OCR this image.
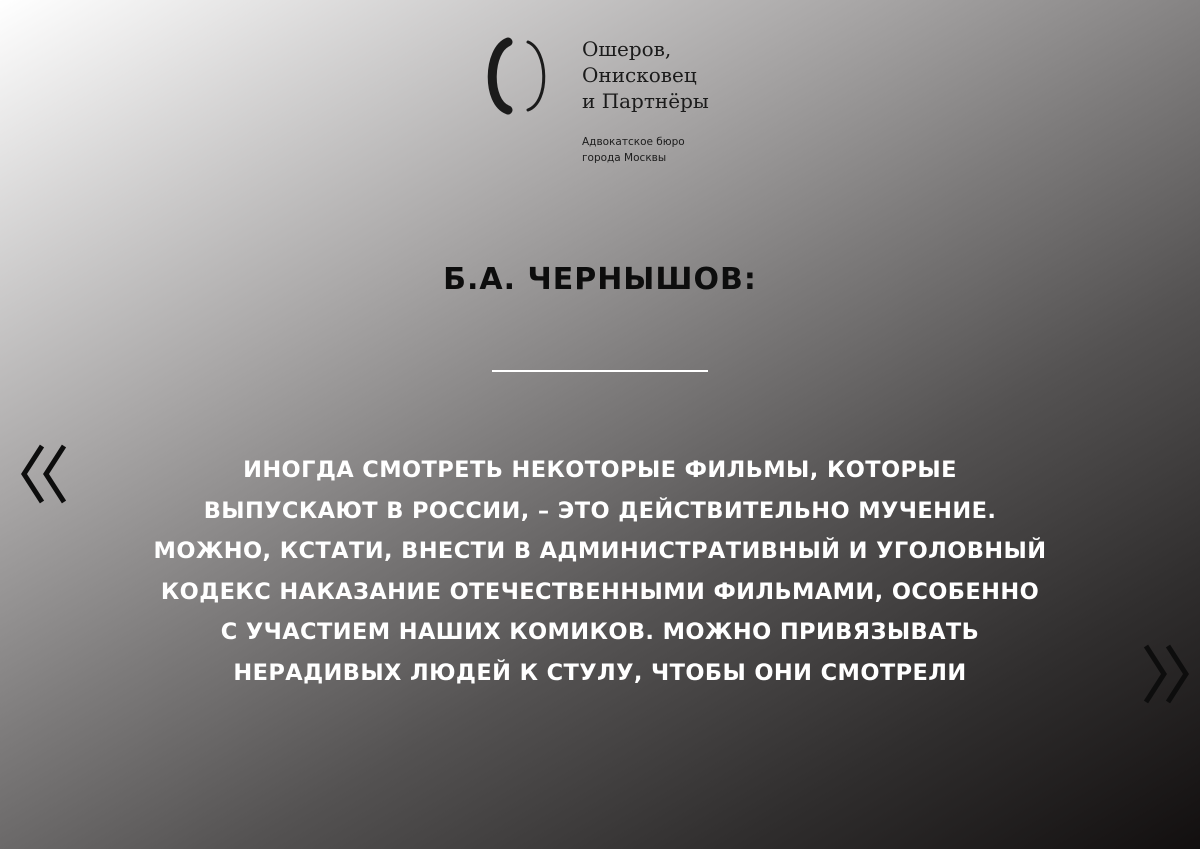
Ошеров,
Онисковец
и Партнёры
Адвокатское бюро
города Москвы
Б.А. ЧЕРНЫШОВ:
ИНОГДА СМОТРЕТЬ НЕКОТОРЫЕ ФИЛЬМЫ, КОТОРЫЕ
ВЫПУСКАЮТ В РОССИИ, – ЭТО ДЕЙСТВИТЕЛЬНО МУЧЕНИЕ.
МОЖНО, КСТАТИ, ВНЕСТИ В АДМИНИСТРАТИВНЫЙ И УГОЛОВНЫЙ
КОДЕКС НАКАЗАНИЕ ОТЕЧЕСТВЕННЫМИ ФИЛЬМАМИ, ОСОБЕННО
С УЧАСТИЕМ НАШИХ КОМИКОВ. МОЖНО ПРИВЯЗЫВАТЬ
НЕРАДИВЫХ ЛЮДЕЙ К СТУЛУ, ЧТОБЫ ОНИ СМОТРЕЛИ
